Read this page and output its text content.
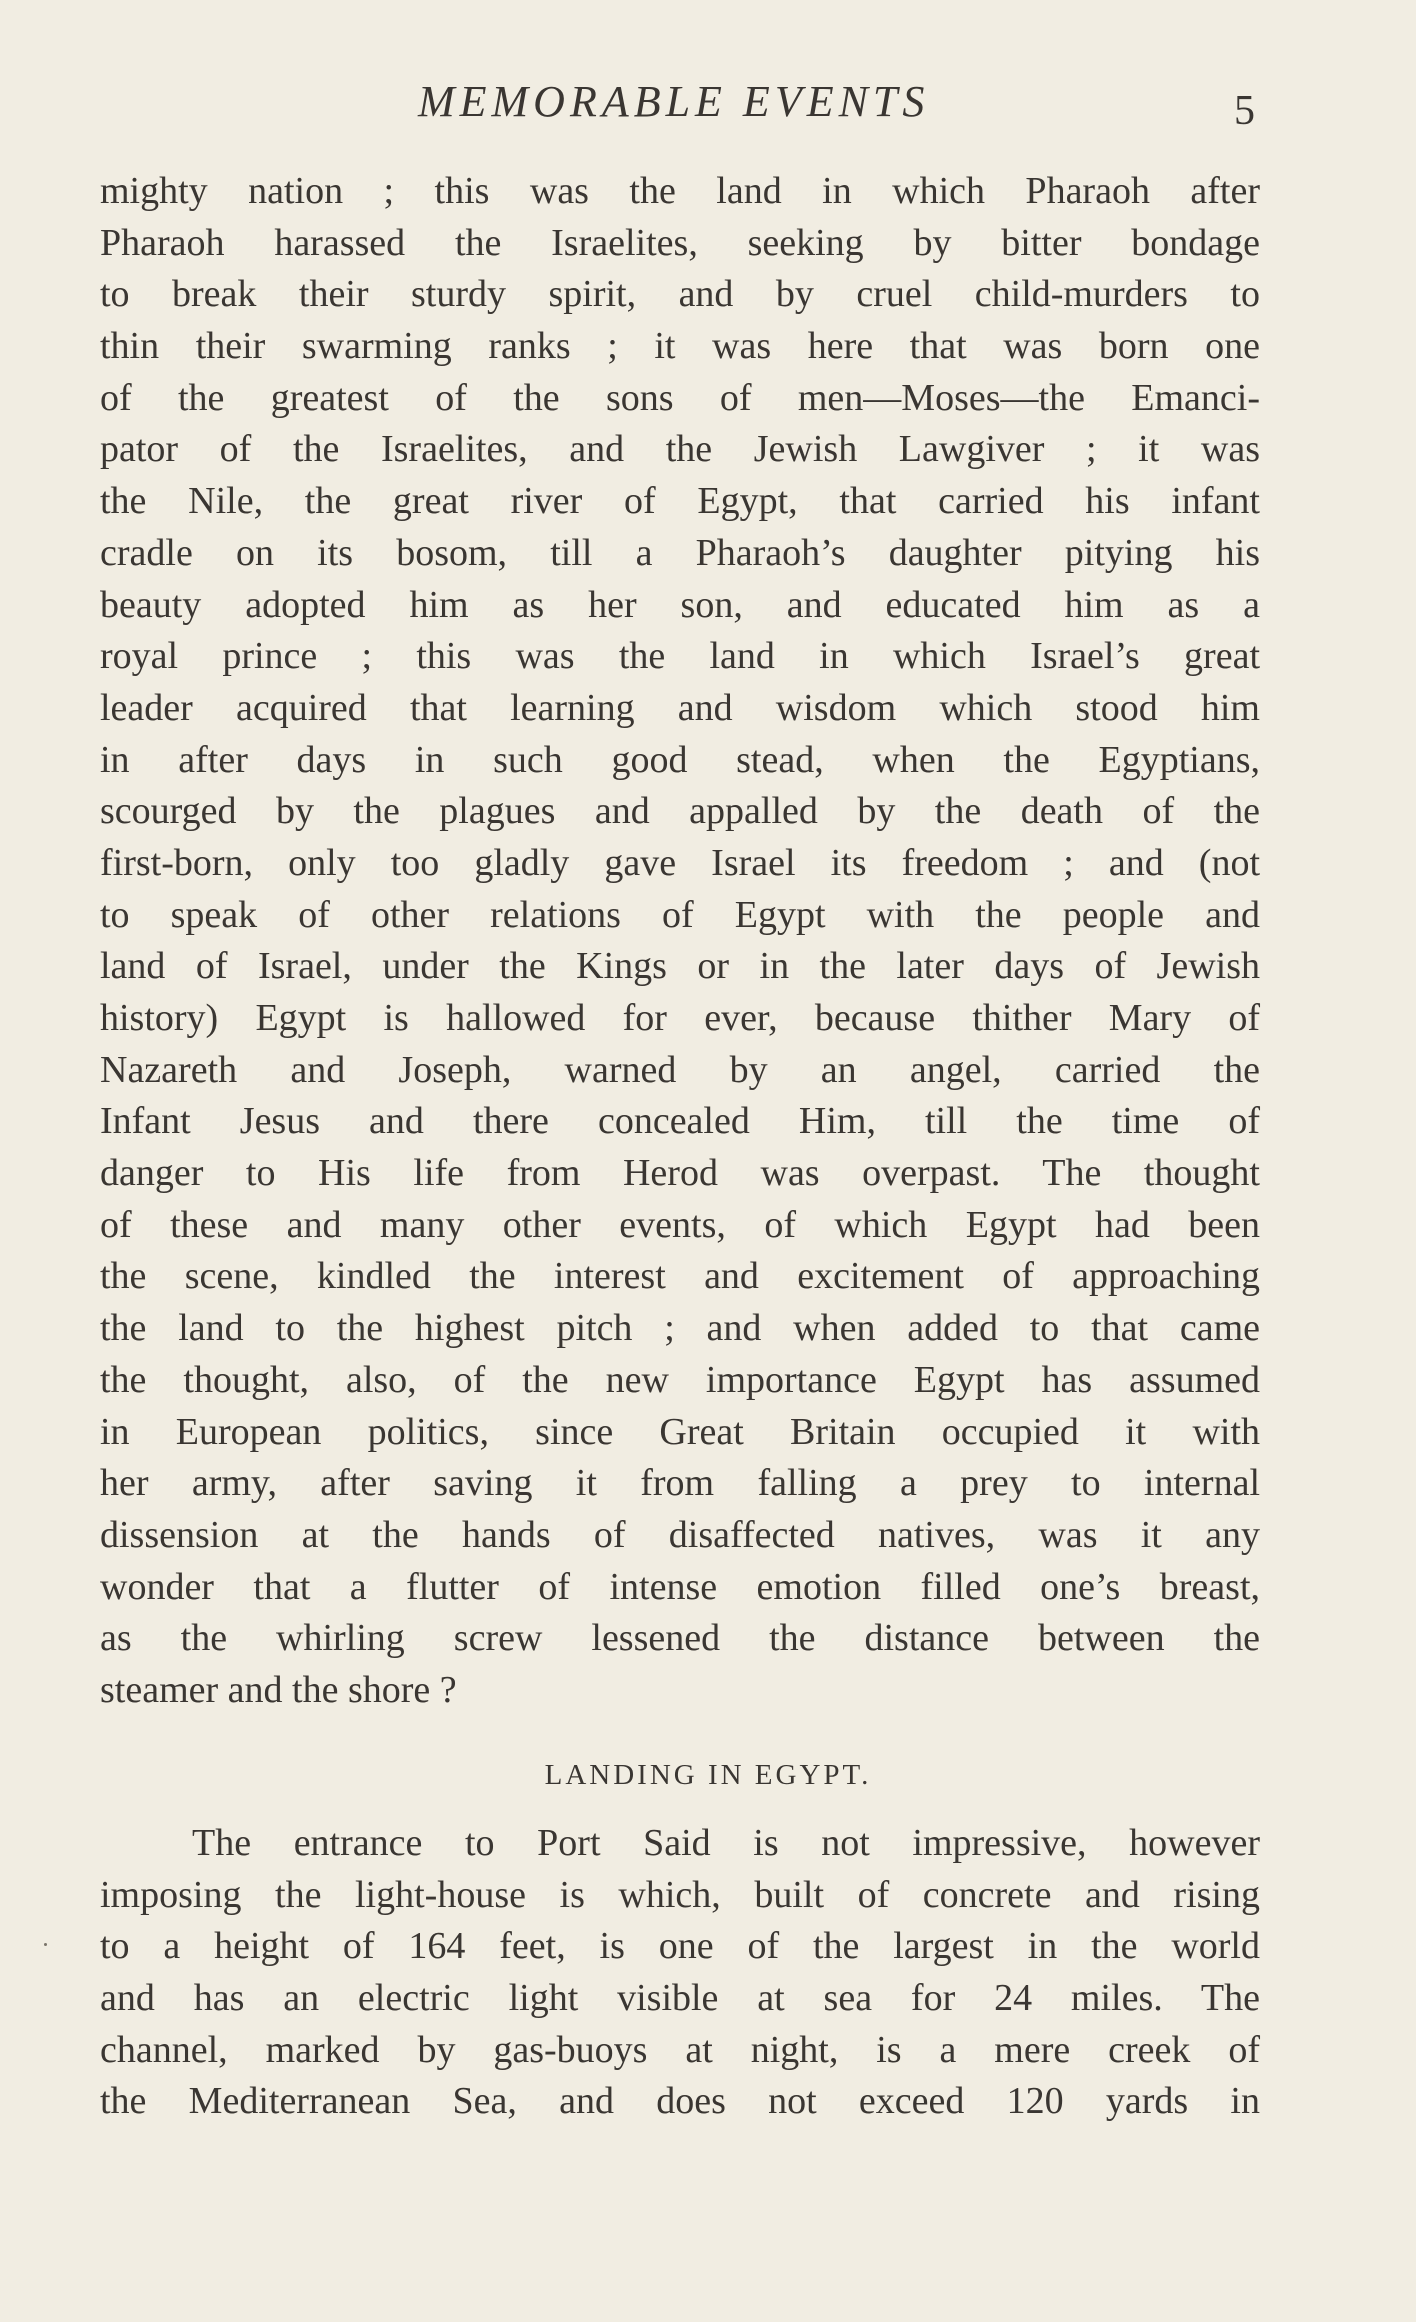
MEMORABLE EVENTS	5
mighty nation ; this was the land in which Pharaoh after
Pharaoh harassed the Israelites, seeking by bitter bondage
to break their sturdy spirit, and by cruel child-murders to
thin their swarming ranks ; it was here that was born one
of the greatest of the sons of men—Moses—the Emanci-
pator of the Israelites, and the Jewish Lawgiver ; it was
the Nile, the great river of Egypt, that carried his infant
cradle on its bosom, till a Pharaoh’s daughter pitying his
beauty adopted him as her son, and educated him as a
royal prince ; this was the land in which Israel’s great
leader acquired that learning and wisdom which stood him
in after days in such good stead, when the Egyptians,
scourged by the plagues and appalled by the death of the
first-born, only too gladly gave Israel its freedom ; and (not
to speak of other relations of Egypt with the people and
land of Israel, under the Kings or in the later days of Jewish
history) Egypt is hallowed for ever, because thither Mary of
Nazareth and Joseph, warned by an angel, carried the
Infant Jesus and there concealed Him, till the time of
danger to His life from Herod was overpast. The thought
of these and many other events, of which Egypt had been
the scene, kindled the interest and excitement of approaching
the land to the highest pitch ; and when added to that came
the thought, also, of the new importance Egypt has assumed
in European politics, since Great Britain occupied it with
her army, after saving it from falling a prey to internal
dissension at the hands of disaffected natives, was it any
wonder that a flutter of intense emotion filled one’s breast,
as the whirling screw lessened the distance between the
steamer and the shore ?
LANDING IN EGYPT.
The entrance to Port Said is not impressive, however
imposing the light-house is which, built of concrete and rising
to a height of 164 feet, is one of the largest in the world
and has an electric light visible at sea for 24 miles. The
channel, marked by gas-buoys at night, is a mere creek of
the Mediterranean Sea, and does not exceed 120 yards in
